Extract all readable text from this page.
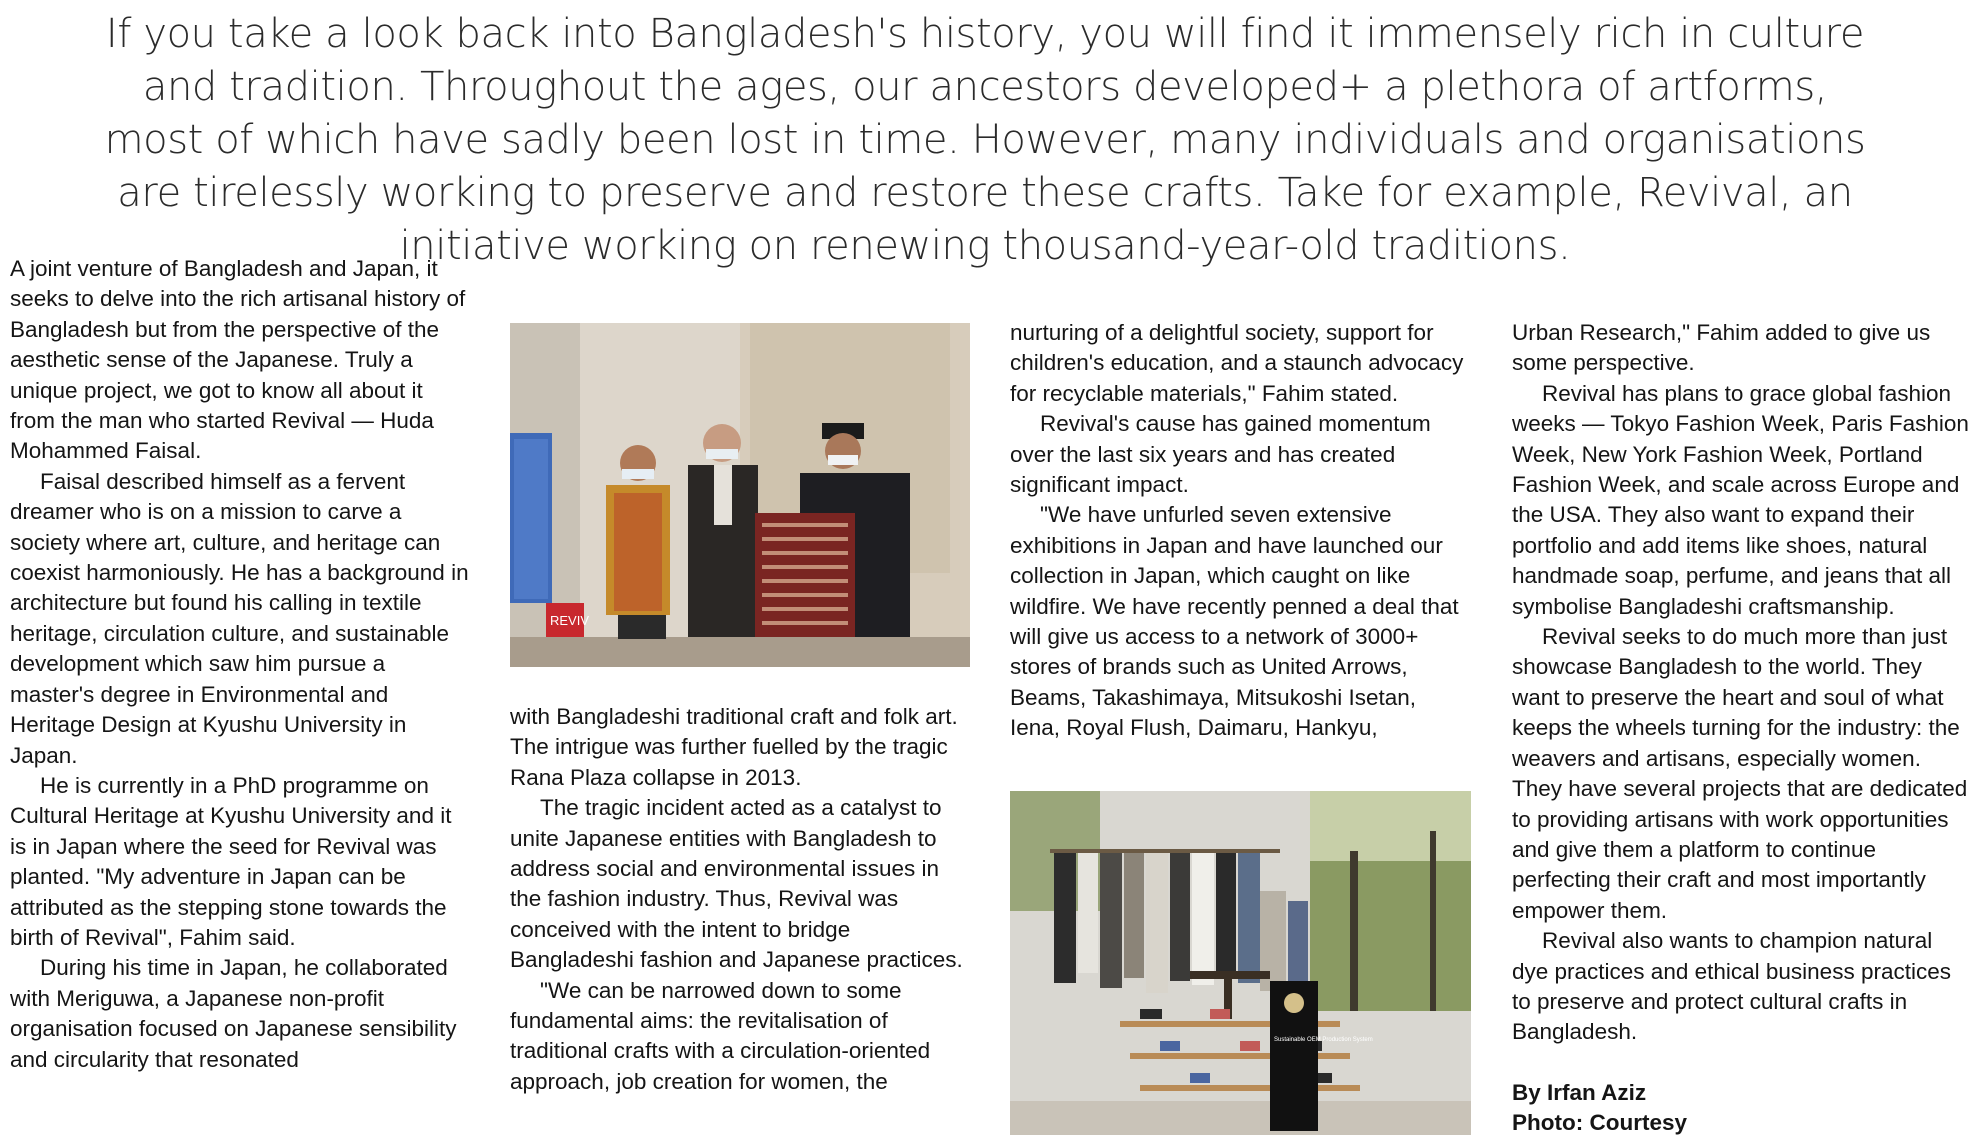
If you take a look back into Bangladesh's history, you will find it immensely rich in culture and tradition. Throughout the ages, our ancestors developed+ a plethora of artforms, most of which have sadly been lost in time. However, many individuals and organisations are tirelessly working to preserve and restore these crafts. Take for example, Revival, an initiative working on renewing thousand-year-old traditions.

A joint venture of Bangladesh and Japan, it seeks to delve into the rich artisanal history of Bangladesh but from the perspective of the aesthetic sense of the Japanese. Truly a unique project, we got to know all about it from the man who started Revival — Huda Mohammed Faisal.

Faisal described himself as a fervent dreamer who is on a mission to carve a society where art, culture, and heritage can coexist harmoniously. He has a background in architecture but found his calling in textile heritage, circulation culture, and sustainable development which saw him pursue a master's degree in Environmental and Heritage Design at Kyushu University in Japan.

He is currently in a PhD programme on Cultural Heritage at Kyushu University and it is in Japan where the seed for Revival was planted. "My adventure in Japan can be attributed as the stepping stone towards the birth of Revival", Fahim said.

During his time in Japan, he collaborated with Meriguwa, a Japanese non-profit organisation focused on Japanese sensibility and circularity that resonated

REVIV

with Bangladeshi traditional craft and folk art. The intrigue was further fuelled by the tragic Rana Plaza collapse in 2013.

The tragic incident acted as a catalyst to unite Japanese entities with Bangladesh to address social and environmental issues in the fashion industry. Thus, Revival was conceived with the intent to bridge Bangladeshi fashion and Japanese practices.

"We can be narrowed down to some fundamental aims: the revitalisation of traditional crafts with a circulation-oriented approach, job creation for women, the

nurturing of a delightful society, support for children's education, and a staunch advocacy for recyclable materials," Fahim stated.

Revival's cause has gained momentum over the last six years and has created significant impact.

"We have unfurled seven extensive exhibitions in Japan and have launched our collection in Japan, which caught on like wildfire. We have recently penned a deal that will give us access to a network of 3000+ stores of brands such as United Arrows, Beams, Takashimaya, Mitsukoshi Isetan, Iena, Royal Flush, Daimaru, Hankyu,

Sustainable OEM Production System

Urban Research," Fahim added to give us some perspective.

Revival has plans to grace global fashion weeks — Tokyo Fashion Week, Paris Fashion Week, New York Fashion Week, Portland Fashion Week, and scale across Europe and the USA. They also want to expand their portfolio and add items like shoes, natural handmade soap, perfume, and jeans that all symbolise Bangladeshi craftsmanship.

Revival seeks to do much more than just showcase Bangladesh to the world. They want to preserve the heart and soul of what keeps the wheels turning for the industry: the weavers and artisans, especially women. They have several projects that are dedicated to providing artisans with work opportunities and give them a platform to continue perfecting their craft and most importantly empower them.

Revival also wants to champion natural dye practices and ethical business practices to preserve and protect cultural crafts in Bangladesh.

By Irfan Aziz

Photo: Courtesy
